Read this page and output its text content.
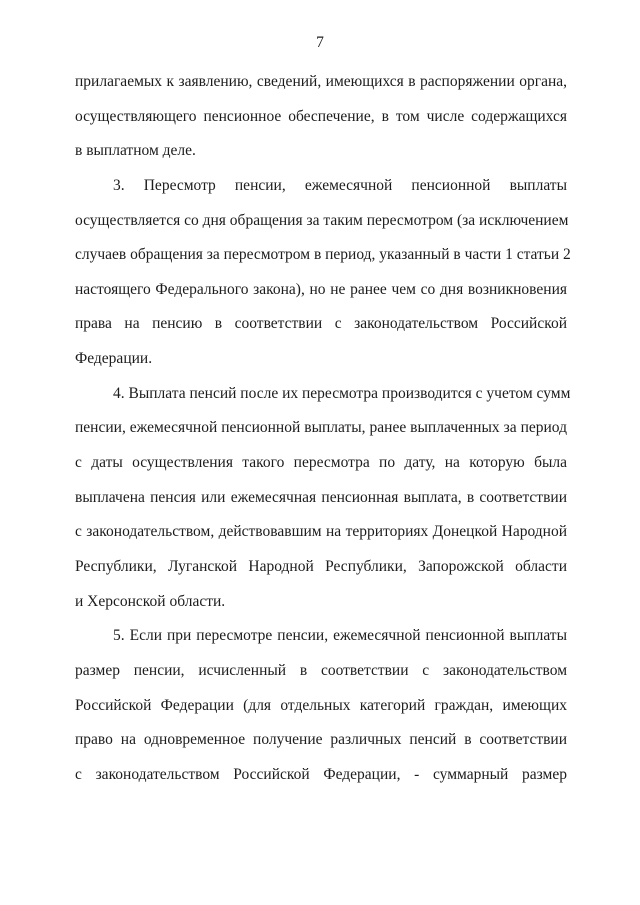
7
прилагаемых к заявлению, сведений, имеющихся в распоряжении органа,
осуществляющего пенсионное обеспечение, в том числе содержащихся
в выплатном деле.
3. Пересмотр пенсии, ежемесячной пенсионной выплаты
осуществляется со дня обращения за таким пересмотром (за исключением
случаев обращения за пересмотром в период, указанный в части 1 статьи 2
настоящего Федерального закона), но не ранее чем со дня возникновения
права на пенсию в соответствии с законодательством Российской
Федерации.
4. Выплата пенсий после их пересмотра производится с учетом сумм
пенсии, ежемесячной пенсионной выплаты, ранее выплаченных за период
с даты осуществления такого пересмотра по дату, на которую была
выплачена пенсия или ежемесячная пенсионная выплата, в соответствии
с законодательством, действовавшим на территориях Донецкой Народной
Республики, Луганской Народной Республики, Запорожской области
и Херсонской области.
5. Если при пересмотре пенсии, ежемесячной пенсионной выплаты
размер пенсии, исчисленный в соответствии с законодательством
Российской Федерации (для отдельных категорий граждан, имеющих
право на одновременное получение различных пенсий в соответствии
с законодательством Российской Федерации, - суммарный размер
